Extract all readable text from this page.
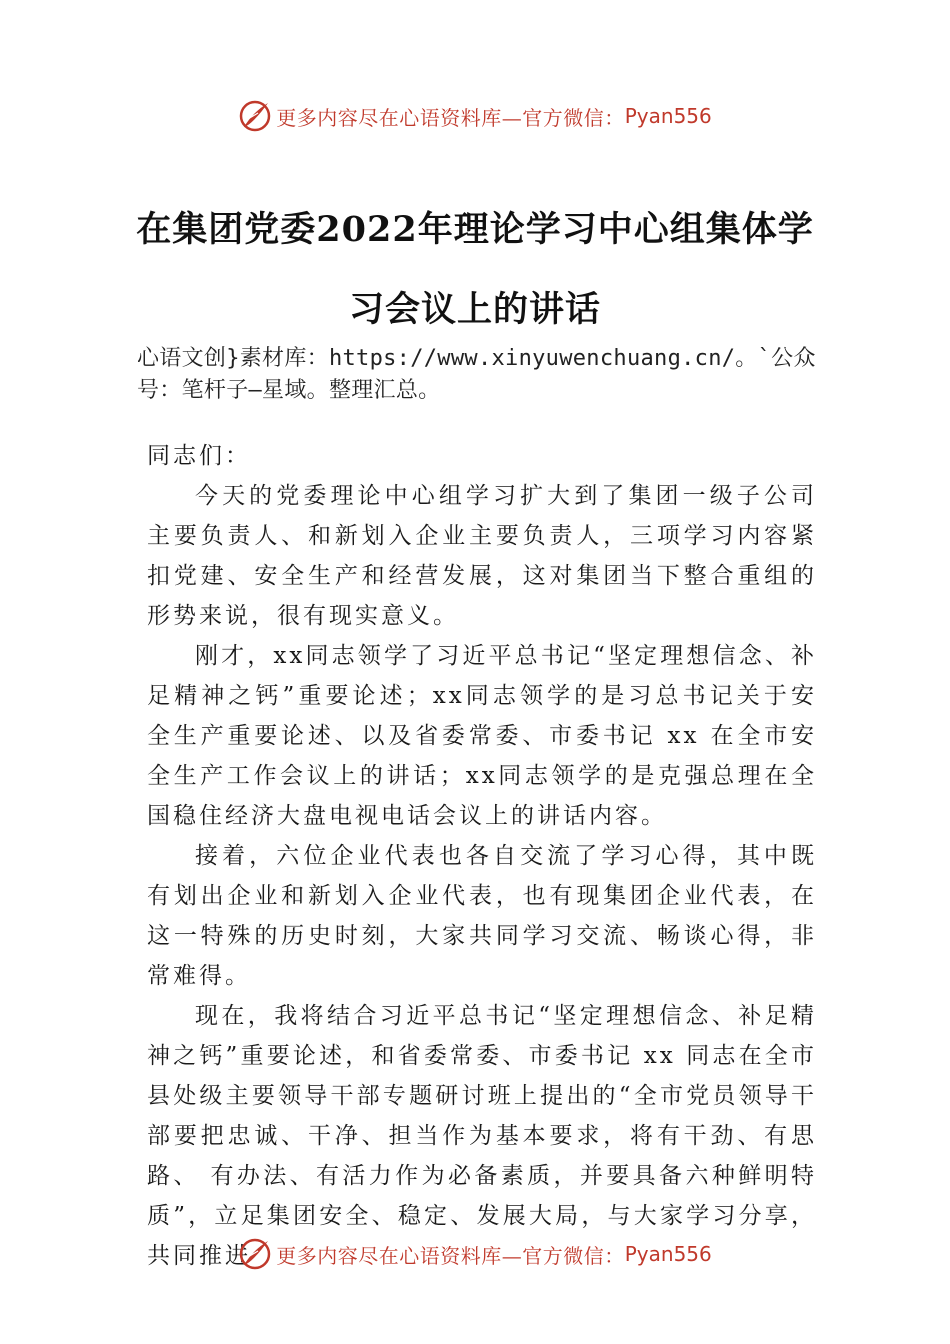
更多内容尽在心语资料库—官方微信： Pyan556
在集团党委2022年理论学习中心组集体学
习会议上的讲话
心语文创}素材库：https://www.xinyuwenchuang.cn/。`公众号：笔杆子—星域。整理汇总。

同志们：

今天的党委理论中心组学习扩大到了集团一级子公司主要负责人、和新划入企业主要负责人，三项学习内容紧扣党建、安全生产和经营发展，这对集团当下整合重组的形势来说，很有现实意义。

刚才，xx同志领学了习近平总书记“坚定理想信念、补足精神之钙”重要论述；xx同志领学的是习总书记关于安全生产重要论述、以及省委常委、市委书记 xx 在全市安全生产工作会议上的讲话；xx同志领学的是克强总理在全国稳住经济大盘电视电话会议上的讲话内容。

接着，六位企业代表也各自交流了学习心得，其中既有划出企业和新划入企业代表，也有现集团企业代表，在这一特殊的历史时刻，大家共同学习交流、畅谈心得，非常难得。

现在，我将结合习近平总书记“坚定理想信念、补足精神之钙”重要论述，和省委常委、市委书记 xx 同志在全市县处级主要领导干部专题研讨班上提出的“全市党员领导干部要把忠诚、干净、担当作为基本要求，将有干劲、有思路、 有办法、有活力作为必备素质，并要具备六种鲜明特质”，立足集团安全、稳定、发展大局，与大家学习分享，共同推进	更多内容尽在心语资料库—官方微信： Pyan556
